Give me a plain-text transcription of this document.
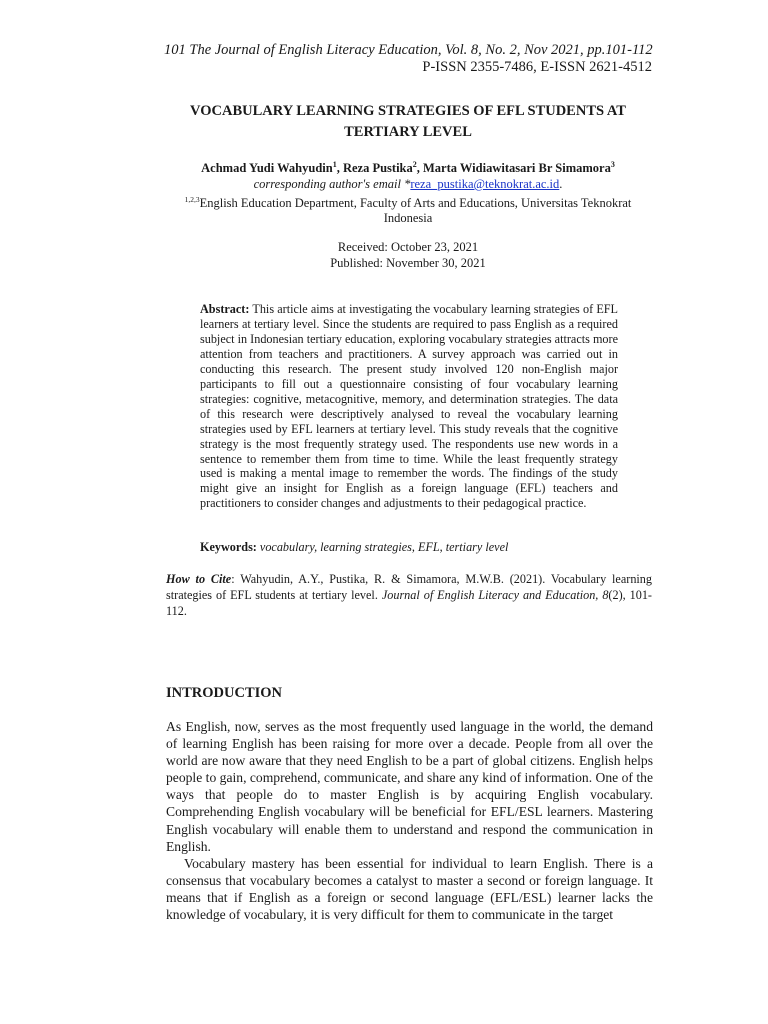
101 The Journal of English Literacy Education, Vol. 8, No. 2, Nov 2021, pp.101-112
P-ISSN 2355-7486, E-ISSN 2621-4512
VOCABULARY LEARNING STRATEGIES OF EFL STUDENTS AT TERTIARY LEVEL
Achmad Yudi Wahyudin$^1$, Reza Pustika$^2$, Marta Widiawitasari Br Simamora$^3$
corresponding author's email *reza_pustika@teknokrat.ac.id.
$^{1,2,3}$English Education Department, Faculty of Arts and Educations, Universitas Teknokrat Indonesia
Received: October 23, 2021
Published: November 30, 2021
Abstract: This article aims at investigating the vocabulary learning strategies of EFL learners at tertiary level. Since the students are required to pass English as a required subject in Indonesian tertiary education, exploring vocabulary strategies attracts more attention from teachers and practitioners. A survey approach was carried out in conducting this research. The present study involved 120 non-English major participants to fill out a questionnaire consisting of four vocabulary learning strategies: cognitive, metacognitive, memory, and determination strategies. The data of this research were descriptively analysed to reveal the vocabulary learning strategies used by EFL learners at tertiary level. This study reveals that the cognitive strategy is the most frequently strategy used. The respondents use new words in a sentence to remember them from time to time. While the least frequently strategy used is making a mental image to remember the words. The findings of the study might give an insight for English as a foreign language (EFL) teachers and practitioners to consider changes and adjustments to their pedagogical practice.
Keywords: vocabulary, learning strategies, EFL, tertiary level
How to Cite: Wahyudin, A.Y., Pustika, R. & Simamora, M.W.B. (2021). Vocabulary learning strategies of EFL students at tertiary level. Journal of English Literacy and Education, 8(2), 101-112.
INTRODUCTION

As English, now, serves as the most frequently used language in the world, the demand of learning English has been raising for more over a decade. People from all over the world are now aware that they need English to be a part of global citizens. English helps people to gain, comprehend, communicate, and share any kind of information. One of the ways that people do to master English is by acquiring English vocabulary. Comprehending English vocabulary will be beneficial for EFL/ESL learners. Mastering English vocabulary will enable them to understand and respond the communication in English.

Vocabulary mastery has been essential for individual to learn English. There is a consensus that vocabulary becomes a catalyst to master a second or foreign language. It means that if English as a foreign or second language (EFL/ESL) learner lacks the knowledge of vocabulary, it is very difficult for them to communicate in the target
